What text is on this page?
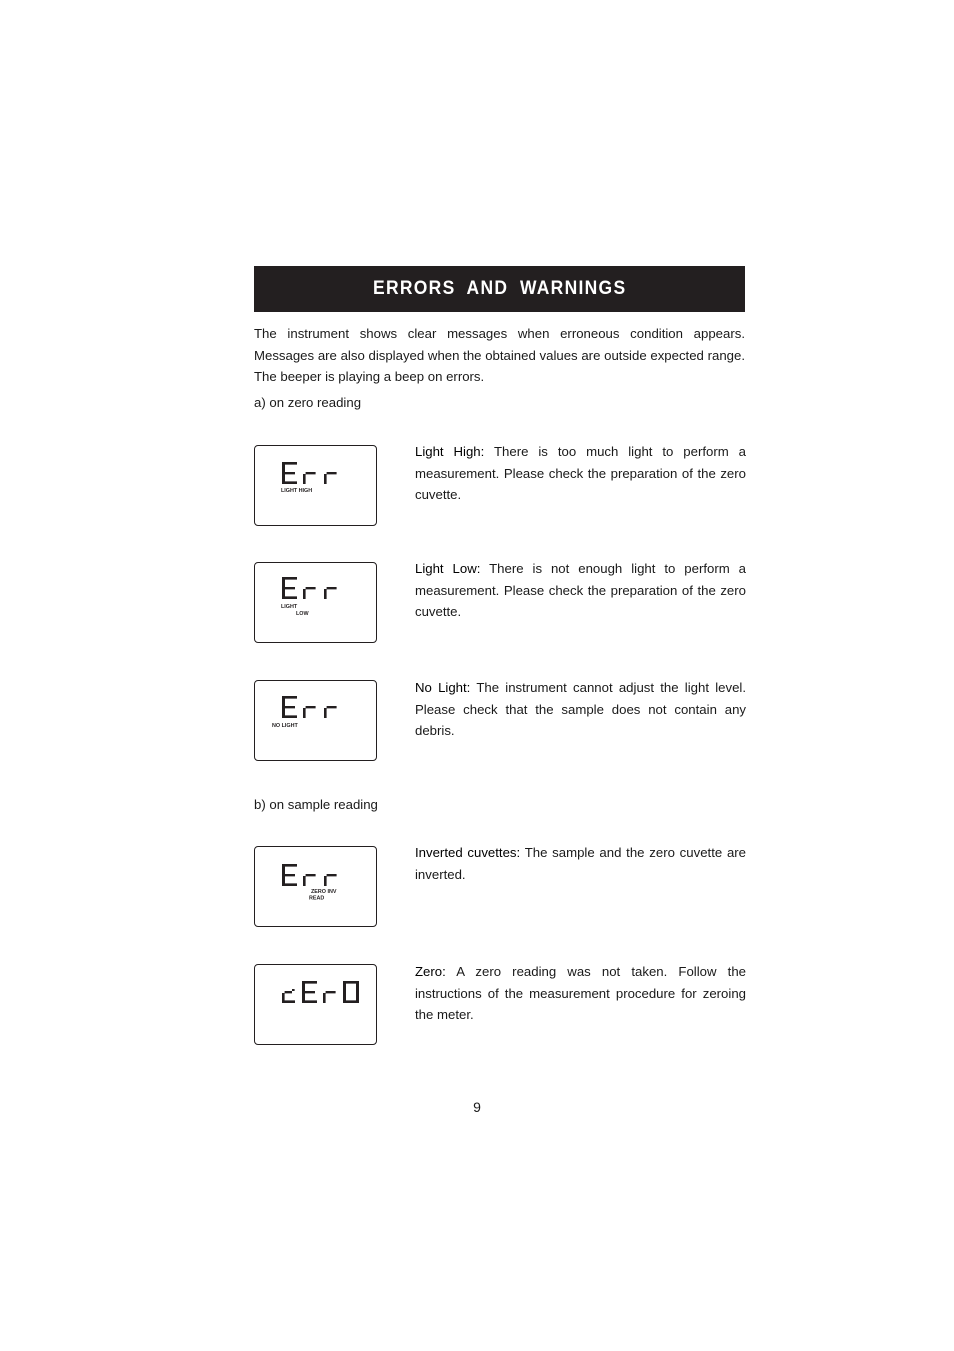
ERRORS AND WARNINGS
The instrument shows clear messages when erroneous condition appears. Messages are also displayed when the obtained values are outside expected range. The beeper is playing a beep on errors.
a) on zero reading
LIGHT HIGH
Light High: There is too much light to perform a measurement. Please check the preparation of the zero cuvette.
LIGHT
LOW
Light Low: There is not enough light to perform a measurement. Please check the preparation of the zero cuvette.
NO LIGHT
No Light: The instrument cannot adjust the light level. Please check that the sample does not contain any debris.
b) on sample reading
ZERO INV
READ
Inverted cuvettes: The sample and the zero cuvette are inverted.
Zero: A zero reading was not taken. Follow the instructions of the measurement procedure for zeroing the meter.
9
